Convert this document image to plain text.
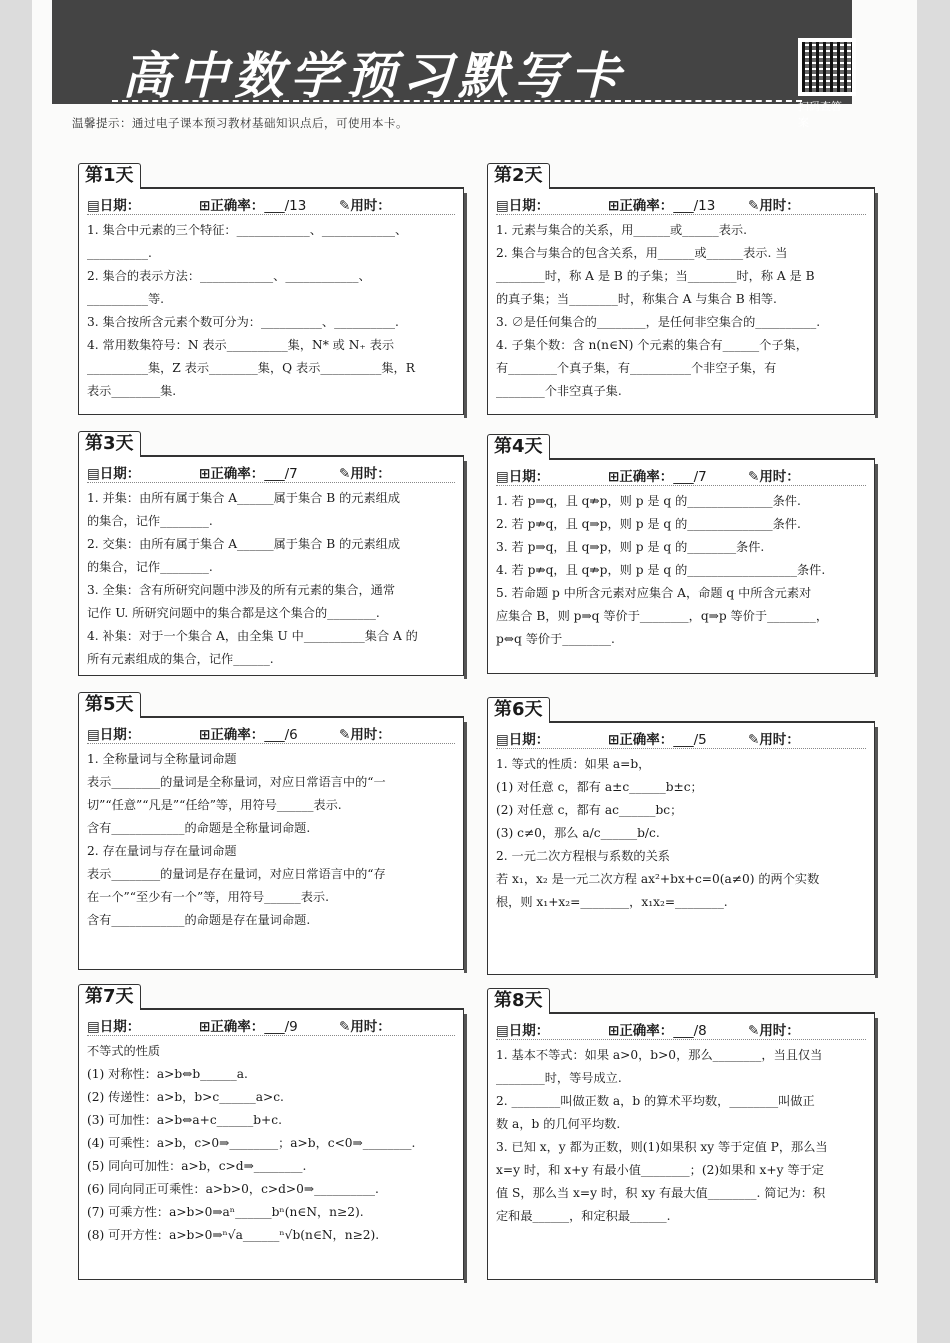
高中数学预习默写卡
扫码查答案
温馨提示：通过电子课本预习教材基础知识点后，可使用本卡。
第1天
▤日期：	⊞正确率：___/13	✎用时：
1. 集合中元素的三个特征：____________、____________、
__________.
2. 集合的表示方法：____________、____________、
__________等.
3. 集合按所含元素个数可分为：__________、__________.
4. 常用数集符号：N 表示__________集，N* 或 N₊ 表示
__________集，Z 表示________集，Q 表示__________集，R
表示________集.
第2天
▤日期：	⊞正确率：___/13	✎用时：
1. 元素与集合的关系，用______或______表示.
2. 集合与集合的包含关系，用______或______表示. 当
________时，称 A 是 B 的子集；当________时，称 A 是 B
的真子集；当________时，称集合 A 与集合 B 相等.
3. ∅是任何集合的________，是任何非空集合的__________.
4. 子集个数：含 n(n∈N) 个元素的集合有______个子集，
有________个真子集，有__________个非空子集，有
________个非空真子集.
第3天
▤日期：	⊞正确率：___/7	✎用时：
1. 并集：由所有属于集合 A______属于集合 B 的元素组成
的集合，记作________.
2. 交集：由所有属于集合 A______属于集合 B 的元素组成
的集合，记作________.
3. 全集：含有所研究问题中涉及的所有元素的集合，通常
记作 U. 所研究问题中的集合都是这个集合的________.
4. 补集：对于一个集合 A，由全集 U 中__________集合 A 的
所有元素组成的集合，记作______.
第4天
▤日期：	⊞正确率：___/7	✎用时：
1. 若 p⇒q，且 q⇏p，则 p 是 q 的______________条件.
2. 若 p⇏q，且 q⇒p，则 p 是 q 的______________条件.
3. 若 p⇒q，且 q⇒p，则 p 是 q 的________条件.
4. 若 p⇏q，且 q⇏p，则 p 是 q 的__________________条件.
5. 若命题 p 中所含元素对应集合 A，命题 q 中所含元素对
应集合 B，则 p⇒q 等价于________，q⇒p 等价于________，
p⇔q 等价于________.
第5天
▤日期：	⊞正确率：___/6	✎用时：
1. 全称量词与全称量词命题
表示________的量词是全称量词，对应日常语言中的“一
切”“任意”“凡是”“任给”等，用符号______表示.
含有____________的命题是全称量词命题.
2. 存在量词与存在量词命题
表示________的量词是存在量词，对应日常语言中的“存
在一个”“至少有一个”等，用符号______表示.
含有____________的命题是存在量词命题.
第6天
▤日期：	⊞正确率：___/5	✎用时：
1. 等式的性质：如果 a=b，
(1) 对任意 c，都有 a±c______b±c；
(2) 对任意 c，都有 ac______bc；
(3) c≠0，那么 a/c______b/c.
2. 一元二次方程根与系数的关系
若 x₁，x₂ 是一元二次方程 ax²+bx+c=0(a≠0) 的两个实数
根，则 x₁+x₂=________，x₁x₂=________.
第7天
▤日期：	⊞正确率：___/9	✎用时：
不等式的性质
(1) 对称性：a>b⇔b______a.
(2) 传递性：a>b，b>c______a>c.
(3) 可加性：a>b⇔a+c______b+c.
(4) 可乘性：a>b，c>0⇒________；a>b，c<0⇒________.
(5) 同向可加性：a>b，c>d⇒________.
(6) 同向同正可乘性：a>b>0，c>d>0⇒__________.
(7) 可乘方性：a>b>0⇒aⁿ______bⁿ(n∈N，n≥2).
(8) 可开方性：a>b>0⇒ⁿ√a______ⁿ√b(n∈N，n≥2).
第8天
▤日期：	⊞正确率：___/8	✎用时：
1. 基本不等式：如果 a>0，b>0，那么________，当且仅当
________时，等号成立.
2. ________叫做正数 a，b 的算术平均数，________叫做正
数 a，b 的几何平均数.
3. 已知 x，y 都为正数，则(1)如果积 xy 等于定值 P，那么当
x=y 时，和 x+y 有最小值________；(2)如果和 x+y 等于定
值 S，那么当 x=y 时，积 xy 有最大值________. 简记为：积
定和最______，和定积最______.
